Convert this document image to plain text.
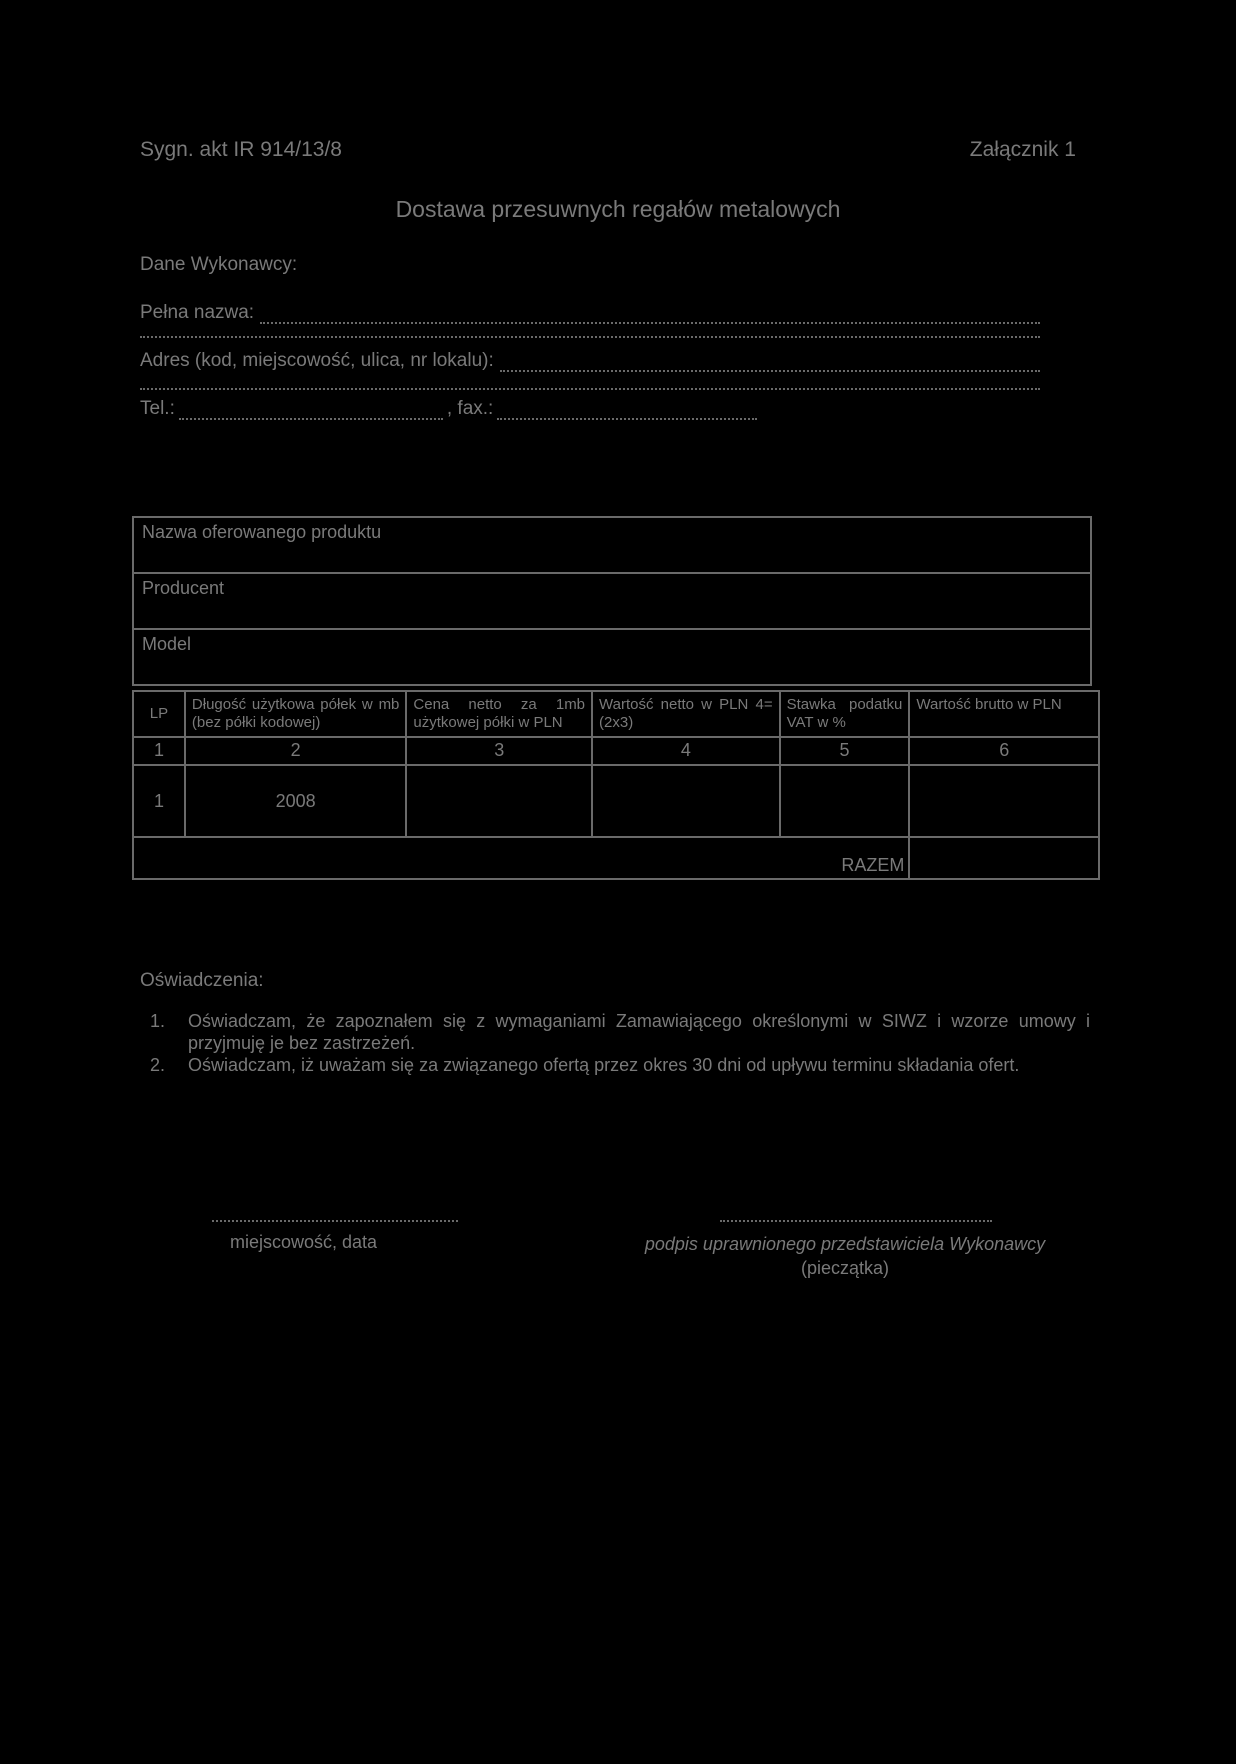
Sygn. akt IR 914/13/8	Załącznik 1
Dostawa przesuwnych regałów metalowych
Dane Wykonawcy:
Pełna nazwa:
Adres (kod, miejscowość, ulica, nr lokalu):
Tel.:	, fax.:
Nazwa oferowanego produktu
Producent
Model
LP	Długość użytkowa półek w mb (bez półki kodowej)	Cena netto za 1mb użytkowej półki w PLN	Wartość netto w PLN 4=(2x3)	Stawka podatku VAT w %	Wartość brutto w PLN
1	2	3	4	5	6
1	2008				
RAZEM					
Oświadczenia:
1. Oświadczam, że zapoznałem się z wymaganiami Zamawiającego określonymi w SIWZ i wzorze umowy i przyjmuję je bez zastrzeżeń.
2. Oświadczam, iż uważam się za związanego ofertą przez okres 30 dni od upływu terminu składania ofert.
miejscowość, data	podpis uprawnionego przedstawiciela Wykonawcy
(pieczątka)
